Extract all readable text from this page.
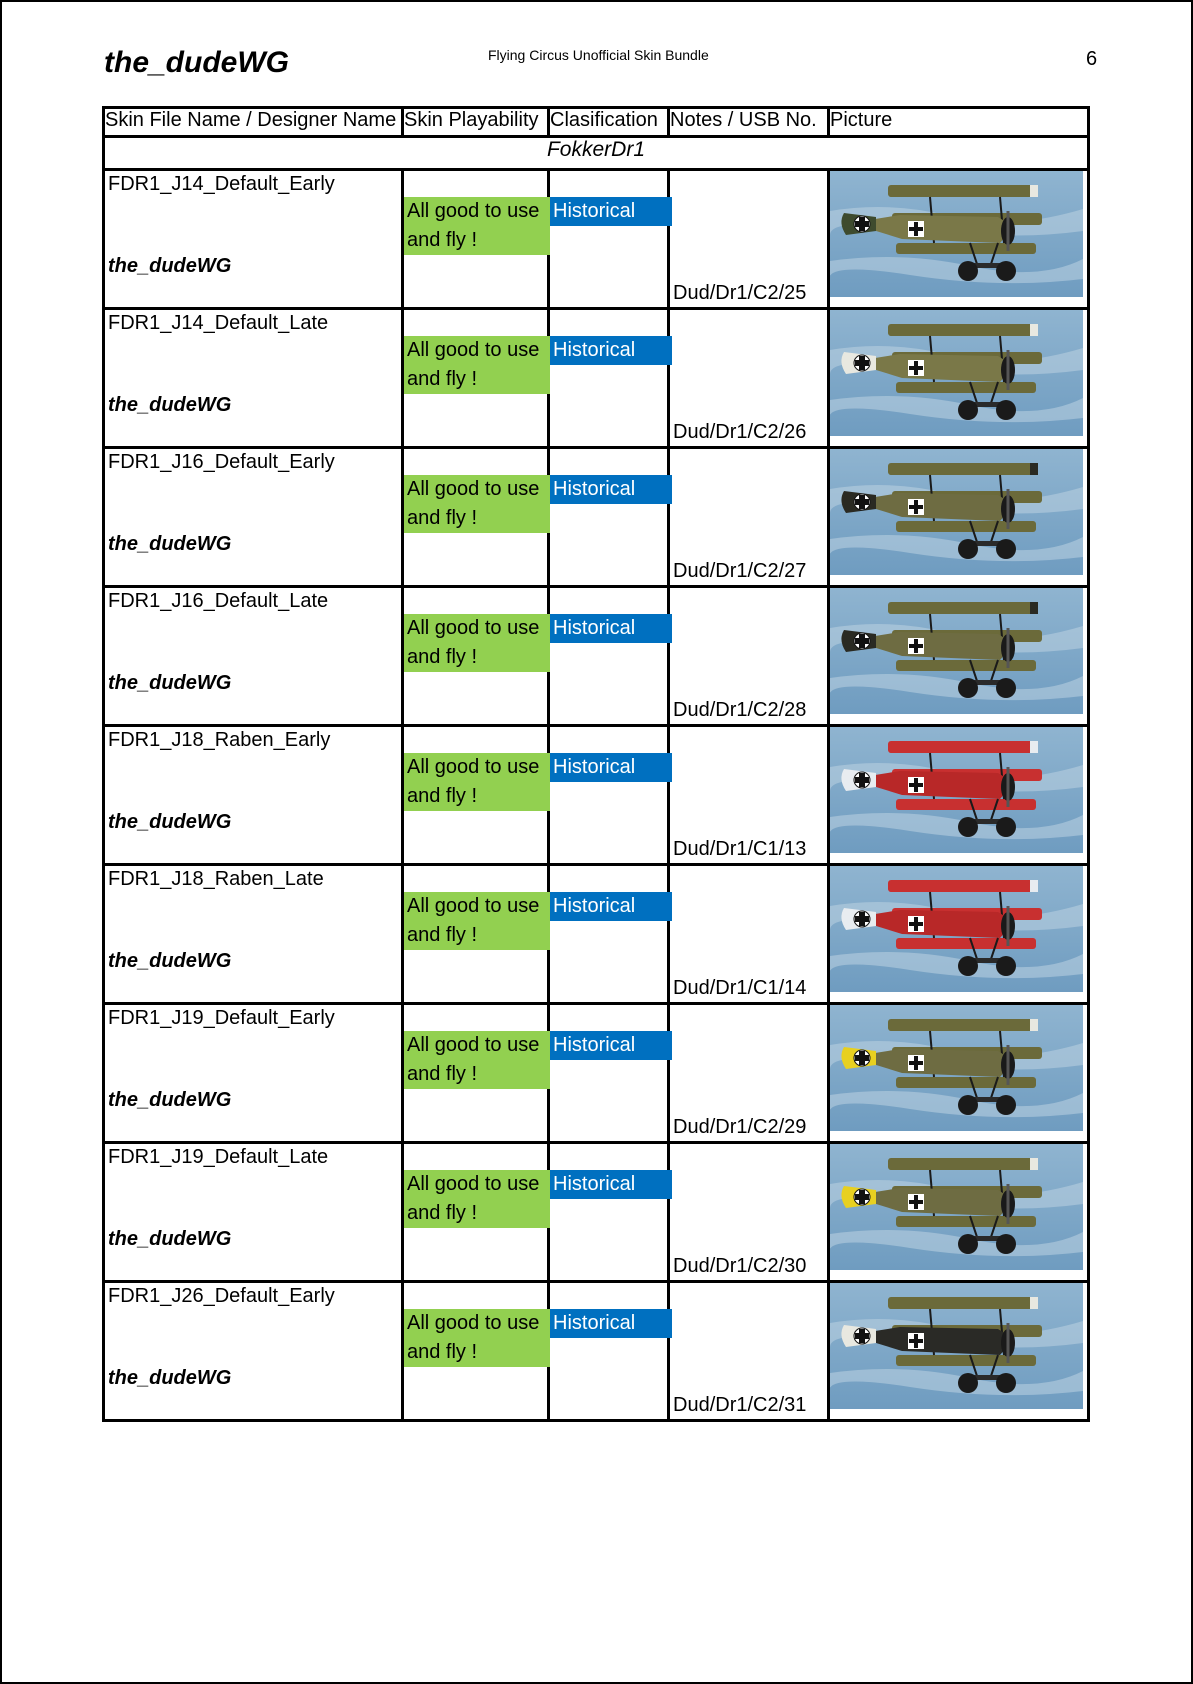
the_dudeWG	Flying Circus Unofficial Skin Bundle	6
Skin File Name / Designer Name	Skin Playability	Clasification	Notes / USB No.	Picture
FokkerDr1				

FDR1_J14_Default_Early
the_dudeWG	All good to use and fly !	Historical	Dud/Dr1/C2/25

FDR1_J14_Default_Late
the_dudeWG	All good to use and fly !	Historical	Dud/Dr1/C2/26

FDR1_J16_Default_Early
the_dudeWG	All good to use and fly !	Historical	Dud/Dr1/C2/27

FDR1_J16_Default_Late
the_dudeWG	All good to use and fly !	Historical	Dud/Dr1/C2/28

FDR1_J18_Raben_Early
the_dudeWG	All good to use and fly !	Historical	Dud/Dr1/C1/13

FDR1_J18_Raben_Late
the_dudeWG	All good to use and fly !	Historical	Dud/Dr1/C1/14

FDR1_J19_Default_Early
the_dudeWG	All good to use and fly !	Historical	Dud/Dr1/C2/29

FDR1_J19_Default_Late
the_dudeWG	All good to use and fly !	Historical	Dud/Dr1/C2/30

FDR1_J26_Default_Early
the_dudeWG	All good to use and fly !	Historical	Dud/Dr1/C2/31
